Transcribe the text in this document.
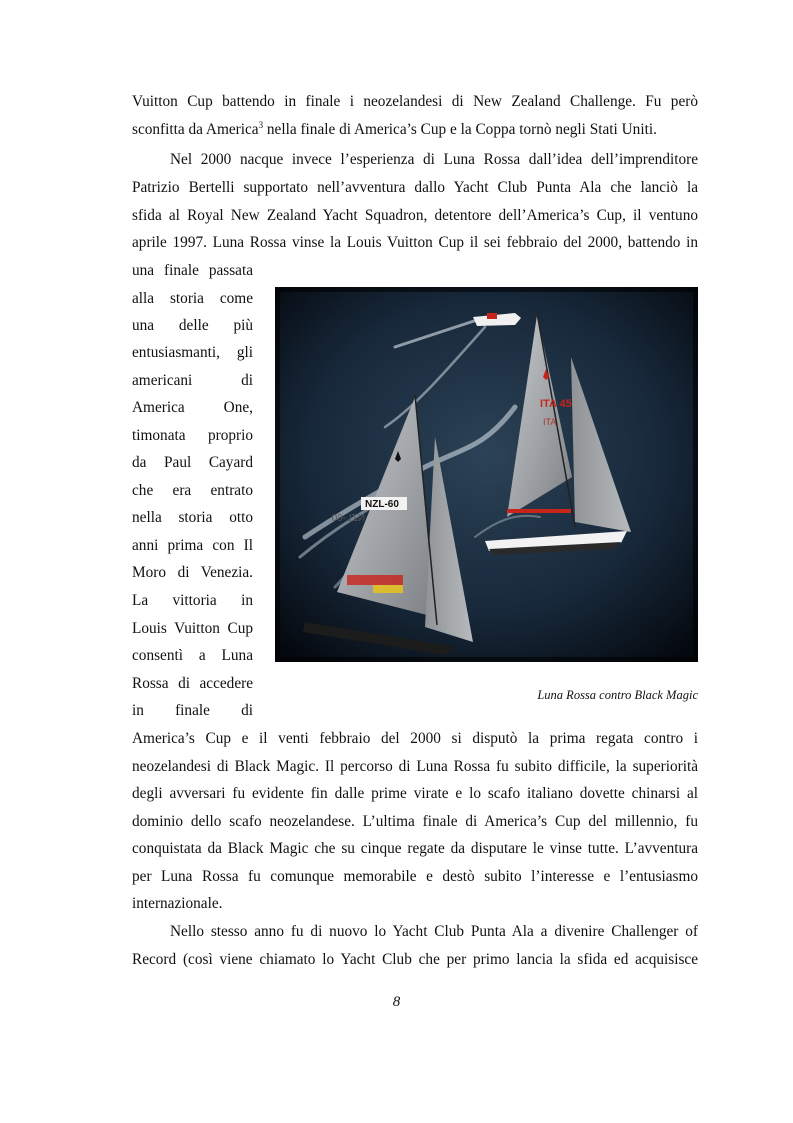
Vuitton Cup battendo in finale i neozelandesi di New Zealand Challenge. Fu però
sconfitta da America$^3$ nella finale di America’s Cup e la Coppa tornò negli Stati Uniti.
Nel 2000 nacque invece l’esperienza di Luna Rossa dall’idea dell’imprenditore
Patrizio Bertelli supportato nell’avventura dallo Yacht Club Punta Ala che lanciò la
sfida al Royal New Zealand Yacht Squadron, detentore dell’America’s Cup, il ventuno
aprile 1997. Luna Rossa vinse la Louis Vuitton Cup il sei febbraio del 2000, battendo in
una finale passata
alla storia come
una delle più
entusiasmanti, gli
americani di
America One,
timonata proprio
da Paul Cayard
che era entrato
nella storia otto
anni prima con Il
Moro di Venezia.
La vittoria in
Louis Vuitton Cup
consentì a Luna
Rossa di accedere
in finale di
America’s Cup e il venti febbraio del 2000 si disputò la prima regata contro i
neozelandesi di Black Magic. Il percorso di Luna Rossa fu subito difficile, la superiorità
degli avversari fu evidente fin dalle prime virate e lo scafo italiano dovette chinarsi al
dominio dello scafo neozelandese. L’ultima finale di America’s Cup del millennio, fu
conquistata da Black Magic che su cinque regate da disputare le vinse tutte. L’avventura
per Luna Rossa fu comunque memorabile e destò subito l’interesse e l’entusiasmo
internazionale.
Nello stesso anno fu di nuovo lo Yacht Club Punta Ala a divenire Challenger of
Record (così viene chiamato lo Yacht Club che per primo lancia la sfida ed acquisisce
ITA 45
ITA
NZL-60
NZL-60
Luna Rossa contro Black Magic
8
